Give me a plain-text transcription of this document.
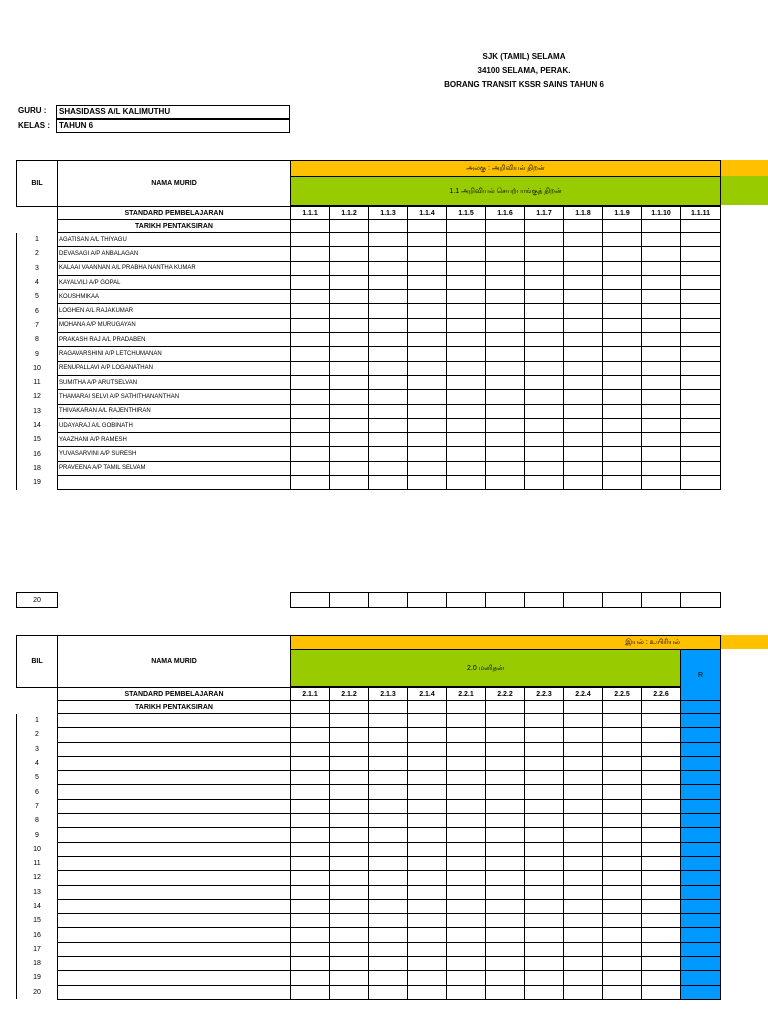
SJK (TAMIL) SELAMA
34100 SELAMA, PERAK.
BORANG TRANSIT KSSR SAINS TAHUN 6
GURU :	SHASIDASS A/L KALIMUTHU
KELAS :	TAHUN 6
BIL	NAMA MURID	அலகு : அறிவியல் திறன்										
		1.1 அறிவியல் செயற்பாங்குத் திறன்										

	STANDARD PEMBELAJARAN	1.1.1	1.1.2	1.1.3	1.1.4	1.1.5	1.1.6	1.1.7	1.1.8	1.1.9	1.1.10	1.1.11
	TARIKH PENTAKSIRAN											
1	AGATISAN A/L THIYAGU											
2	DEVASAGI A/P ANBALAGAN											
3	KALAAI VAANNAN A/L PRABHA NANTHA KUMAR											
4	KAYALVILI A/P GOPAL											
5	KOUSHMIKAA											
6	LOGHEN A/L RAJAKUMAR											
7	MOHANA A/P MURUGAYAN											
8	PRAKASH RAJ A/L PRADABEN											
9	RAGAVARSHINI A/P LETCHUMANAN											
10	RENUPALLAVI A/P LOGANATHAN											
11	SUMITHA A/P ARUTSELVAN											
12	THAMARAI SELVI A/P SATHITHANANTHAN											
13	THIVAKARAN A/L RAJENTHIRAN											
14	UDAYARAJ A/L GOBINATH											
15	YAAZHANI A/P RAMESH											
16	YUVASARVINI A/P SURESH											
18	PRAVEENA A/P TAMIL SELVAM											
19												
20												
BIL	NAMA MURID	இயல் : உயிரியல்										
		2.0 மனிதன்										R

	STANDARD PEMBELAJARAN	2.1.1	2.1.2	2.1.3	2.1.4	2.2.1	2.2.2	2.2.3	2.2.4	2.2.5	2.2.6	
	TARIKH PENTAKSIRAN											
1												
2												
3												
4												
5												
6												
7												
8												
9												
10												
11												
12												
13												
14												
15												
16												
17												
18												
19												
20												
